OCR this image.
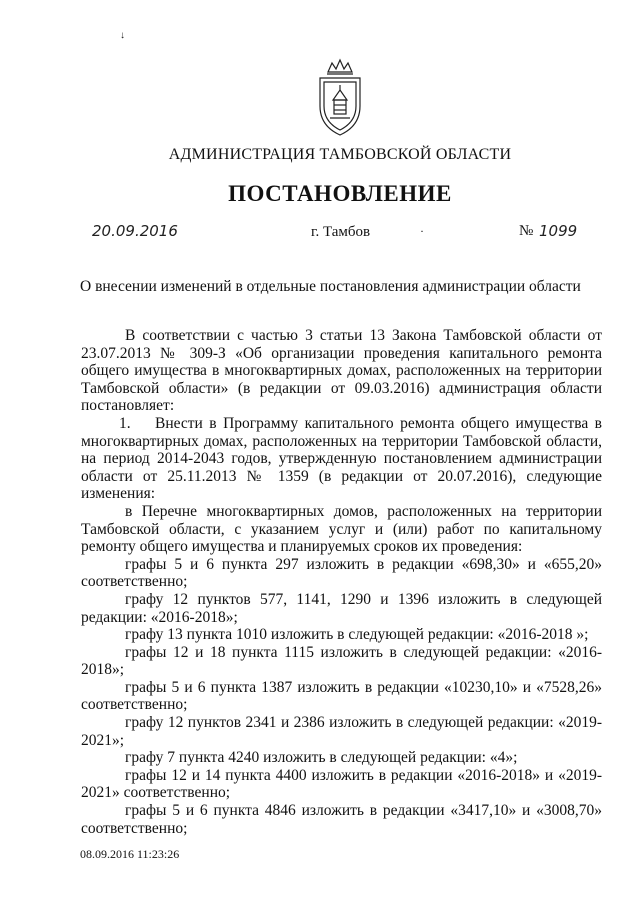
↓
АДМИНИСТРАЦИЯ ТАМБОВСКОЙ ОБЛАСТИ
ПОСТАНОВЛЕНИЕ
20.09.2016	г. Тамбов	·	№ 1099
О внесении изменений в отдельные постановления администрации области

В соответствии с частью 3 статьи 13 Закона Тамбовской области от 23.07.2013 № 309-З «Об организации проведения капитального ремонта общего имущества в многоквартирных домах, расположенных на территории Тамбовской области» (в редакции от 09.03.2016) администрация области постановляет:

1. Внести в Программу капитального ремонта общего имущества в многоквартирных домах, расположенных на территории Тамбовской области, на период 2014-2043 годов, утвержденную постановлением администрации области от 25.11.2013 № 1359 (в редакции от 20.07.2016), следующие изменения:

в Перечне многоквартирных домов, расположенных на территории Тамбовской области, с указанием услуг и (или) работ по капитальному ремонту общего имущества и планируемых сроков их проведения:

графы 5 и 6 пункта 297 изложить в редакции «698,30» и «655,20» соответственно;

графу 12 пунктов 577, 1141, 1290 и 1396 изложить в следующей редакции: «2016-2018»;

графу 13 пункта 1010 изложить в следующей редакции: «2016-2018 »;

графы 12 и 18 пункта 1115 изложить в следующей редакции: «2016-2018»;

графы 5 и 6 пункта 1387 изложить в редакции «10230,10» и «7528,26» соответственно;

графу 12 пунктов 2341 и 2386 изложить в следующей редакции: «2019-2021»;

графу 7 пункта 4240 изложить в следующей редакции: «4»;

графы 12 и 14 пункта 4400 изложить в редакции «2016-2018» и «2019-2021» соответственно;

графы 5 и 6 пункта 4846 изложить в редакции «3417,10» и «3008,70» соответственно;

08.09.2016 11:23:26
